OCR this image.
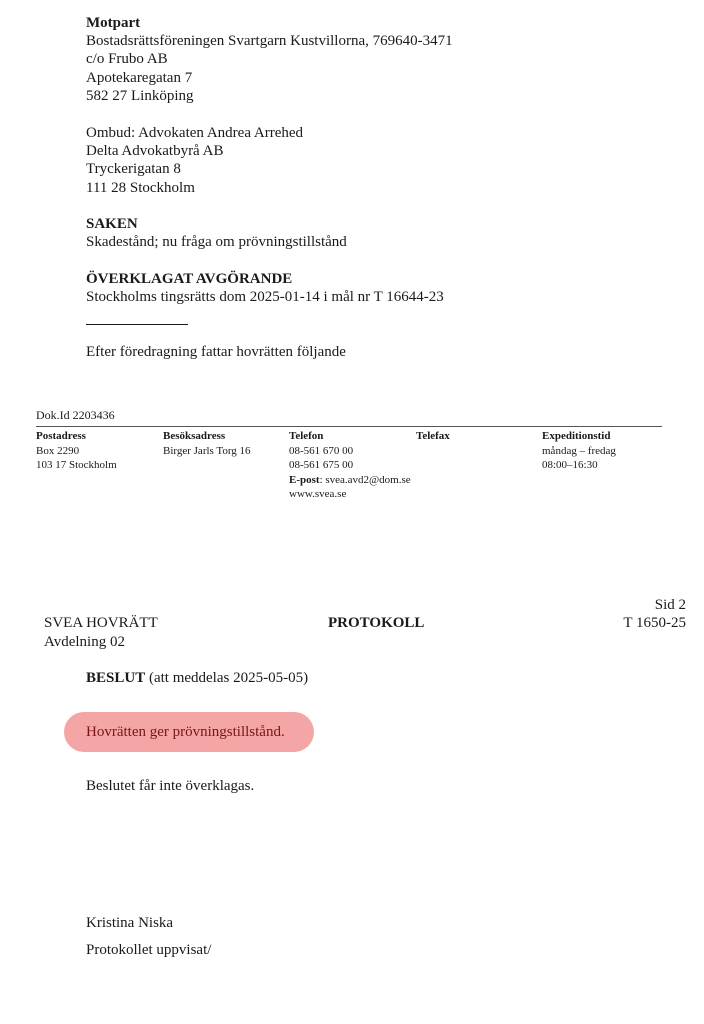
Motpart
Bostadsrättsföreningen Svartgarn Kustvillorna, 769640-3471
c/o Frubo AB
Apotekaregatan 7
582 27 Linköping
Ombud: Advokaten Andrea Arrehed
Delta Advokatbyrå AB
Tryckerigatan 8
111 28 Stockholm
SAKEN
Skadestånd; nu fråga om prövningstillstånd
ÖVERKLAGAT AVGÖRANDE
Stockholms tingsrätts dom 2025-01-14 i mål nr T 16644-23
Efter föredragning fattar hovrätten följande
Dok.Id 2203436
Postadress
Box 2290
103 17 Stockholm
Besöksadress
Birger Jarls Torg 16
Telefon
08-561 670 00
08-561 675 00
E-post: svea.avd2@dom.se
www.svea.se
Telefax	Expeditionstid
måndag – fredag
08:00–16:30
SVEA HOVRÄTT
Avdelning 02
PROTOKOLL
Sid 2
T 1650-25
BESLUT (att meddelas 2025-05-05)
Hovrätten ger prövningstillstånd.
Beslutet får inte överklagas.
Kristina Niska
Protokollet uppvisat/
